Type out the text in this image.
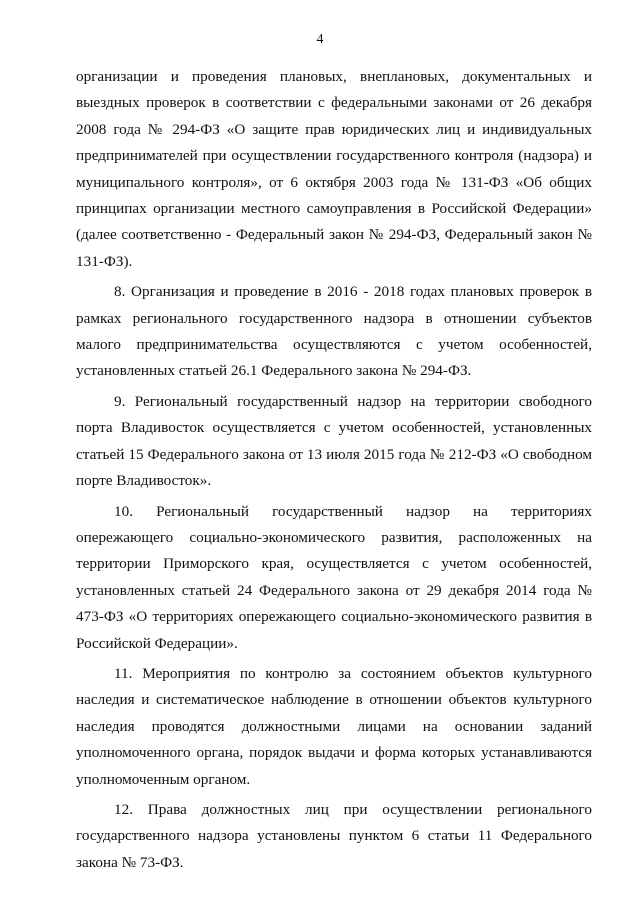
4

организации и проведения плановых, внеплановых, документальных и выездных проверок в соответствии с федеральными законами от 26 декабря 2008 года № 294-ФЗ «О защите прав юридических лиц и индивидуальных предпринимателей при осуществлении государственного контроля (надзора) и муниципального контроля», от 6 октября 2003 года № 131-ФЗ «Об общих принципах организации местного самоуправления в Российской Федерации» (далее соответственно - Федеральный закон № 294-ФЗ, Федеральный закон № 131-ФЗ).

8. Организация и проведение в 2016 - 2018 годах плановых проверок в рамках регионального государственного надзора в отношении субъектов малого предпринимательства осуществляются с учетом особенностей, установленных статьей 26.1 Федерального закона № 294-ФЗ.

9. Региональный государственный надзор на территории свободного порта Владивосток осуществляется с учетом особенностей, установленных статьей 15 Федерального закона от 13 июля 2015 года № 212-ФЗ «О свободном порте Владивосток».

10. Региональный государственный надзор на территориях опережающего социально-экономического развития, расположенных на территории Приморского края, осуществляется с учетом особенностей, установленных статьей 24 Федерального закона от 29 декабря 2014 года № 473-ФЗ «О территориях опережающего социально-экономического развития в Российской Федерации».

11. Мероприятия по контролю за состоянием объектов культурного наследия и систематическое наблюдение в отношении объектов культурного наследия проводятся должностными лицами на основании заданий уполномоченного органа, порядок выдачи и форма которых устанавливаются уполномоченным органом.

12. Права должностных лиц при осуществлении регионального государственного надзора установлены пунктом 6 статьи 11 Федерального закона № 73-ФЗ.
